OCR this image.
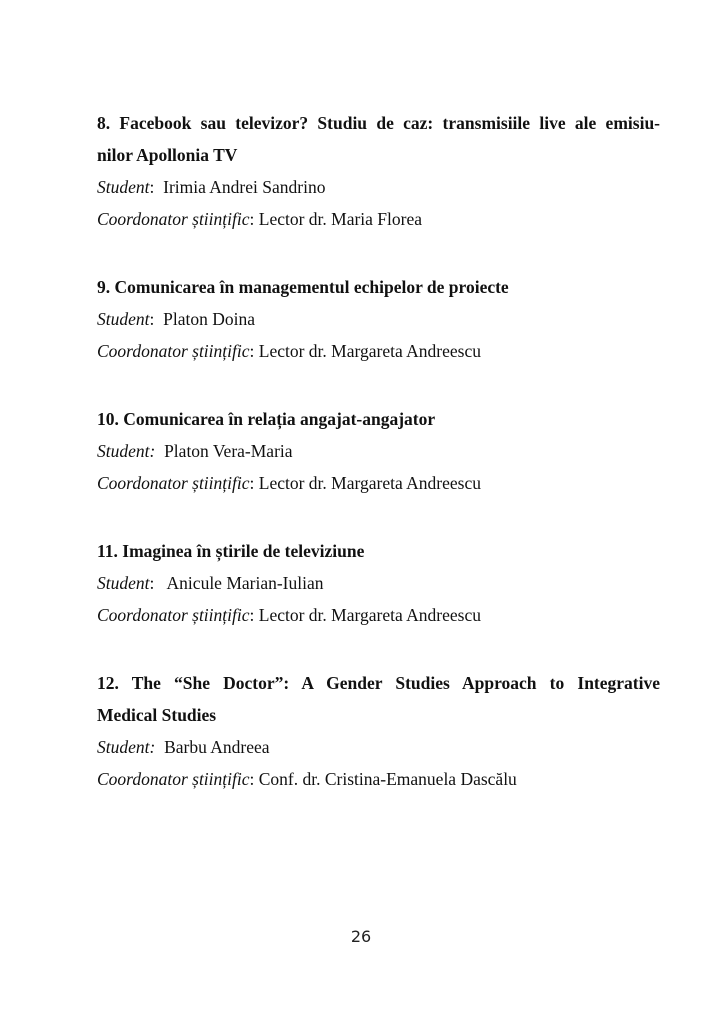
8. Facebook sau televizor? Studiu de caz: transmisiile live ale emisiu-

nilor Apollonia TV

Student: Irimia Andrei Sandrino

Coordonator științific: Lector dr. Maria Florea

9. Comunicarea în managementul echipelor de proiecte

Student: Platon Doina

Coordonator științific: Lector dr. Margareta Andreescu

10. Comunicarea în relația angajat-angajator

Student: Platon Vera-Maria

Coordonator științific: Lector dr. Margareta Andreescu

11. Imaginea în știrile de televiziune

Student: Anicule Marian-Iulian

Coordonator științific: Lector dr. Margareta Andreescu

12. The “She Doctor”: A Gender Studies Approach to Integrative

Medical Studies

Student: Barbu Andreea

Coordonator științific: Conf. dr. Cristina-Emanuela Dascălu

26
